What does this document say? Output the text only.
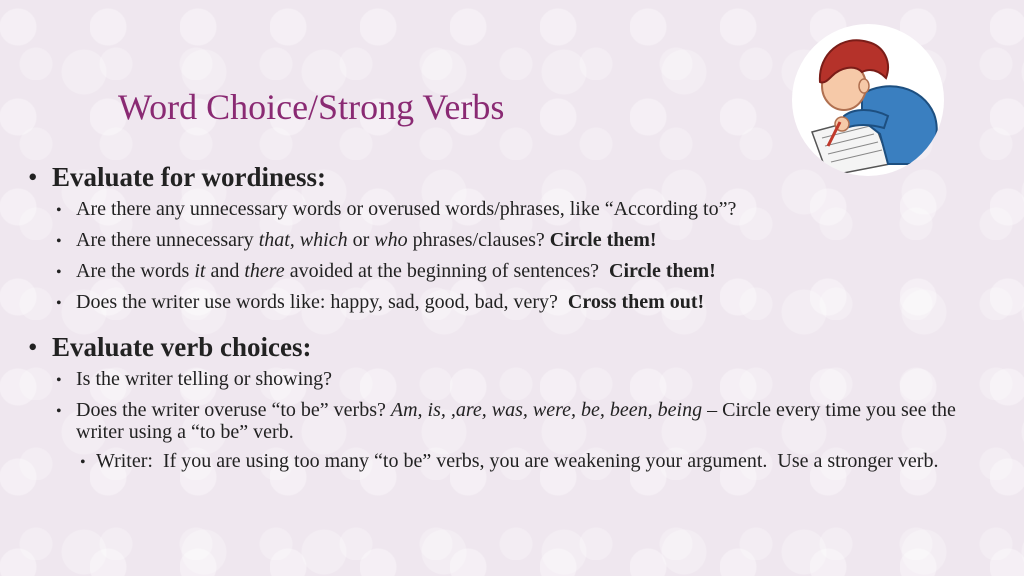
Word Choice/Strong Verbs
• Evaluate for wordiness:
• Are there any unnecessary words or overused words/phrases, like “According to”?
• Are there unnecessary that, which or who phrases/clauses? Circle them!
• Are the words it and there avoided at the beginning of sentences?  Circle them!
• Does the writer use words like: happy, sad, good, bad, very?  Cross them out!
• Evaluate verb choices:
• Is the writer telling or showing?
• Does the writer overuse “to be” verbs? Am, is, ,are, was, were, be, been, being – Circle every time you see the writer using a “to be” verb.
• Writer:  If you are using too many “to be” verbs, you are weakening your argument.  Use a stronger verb.
